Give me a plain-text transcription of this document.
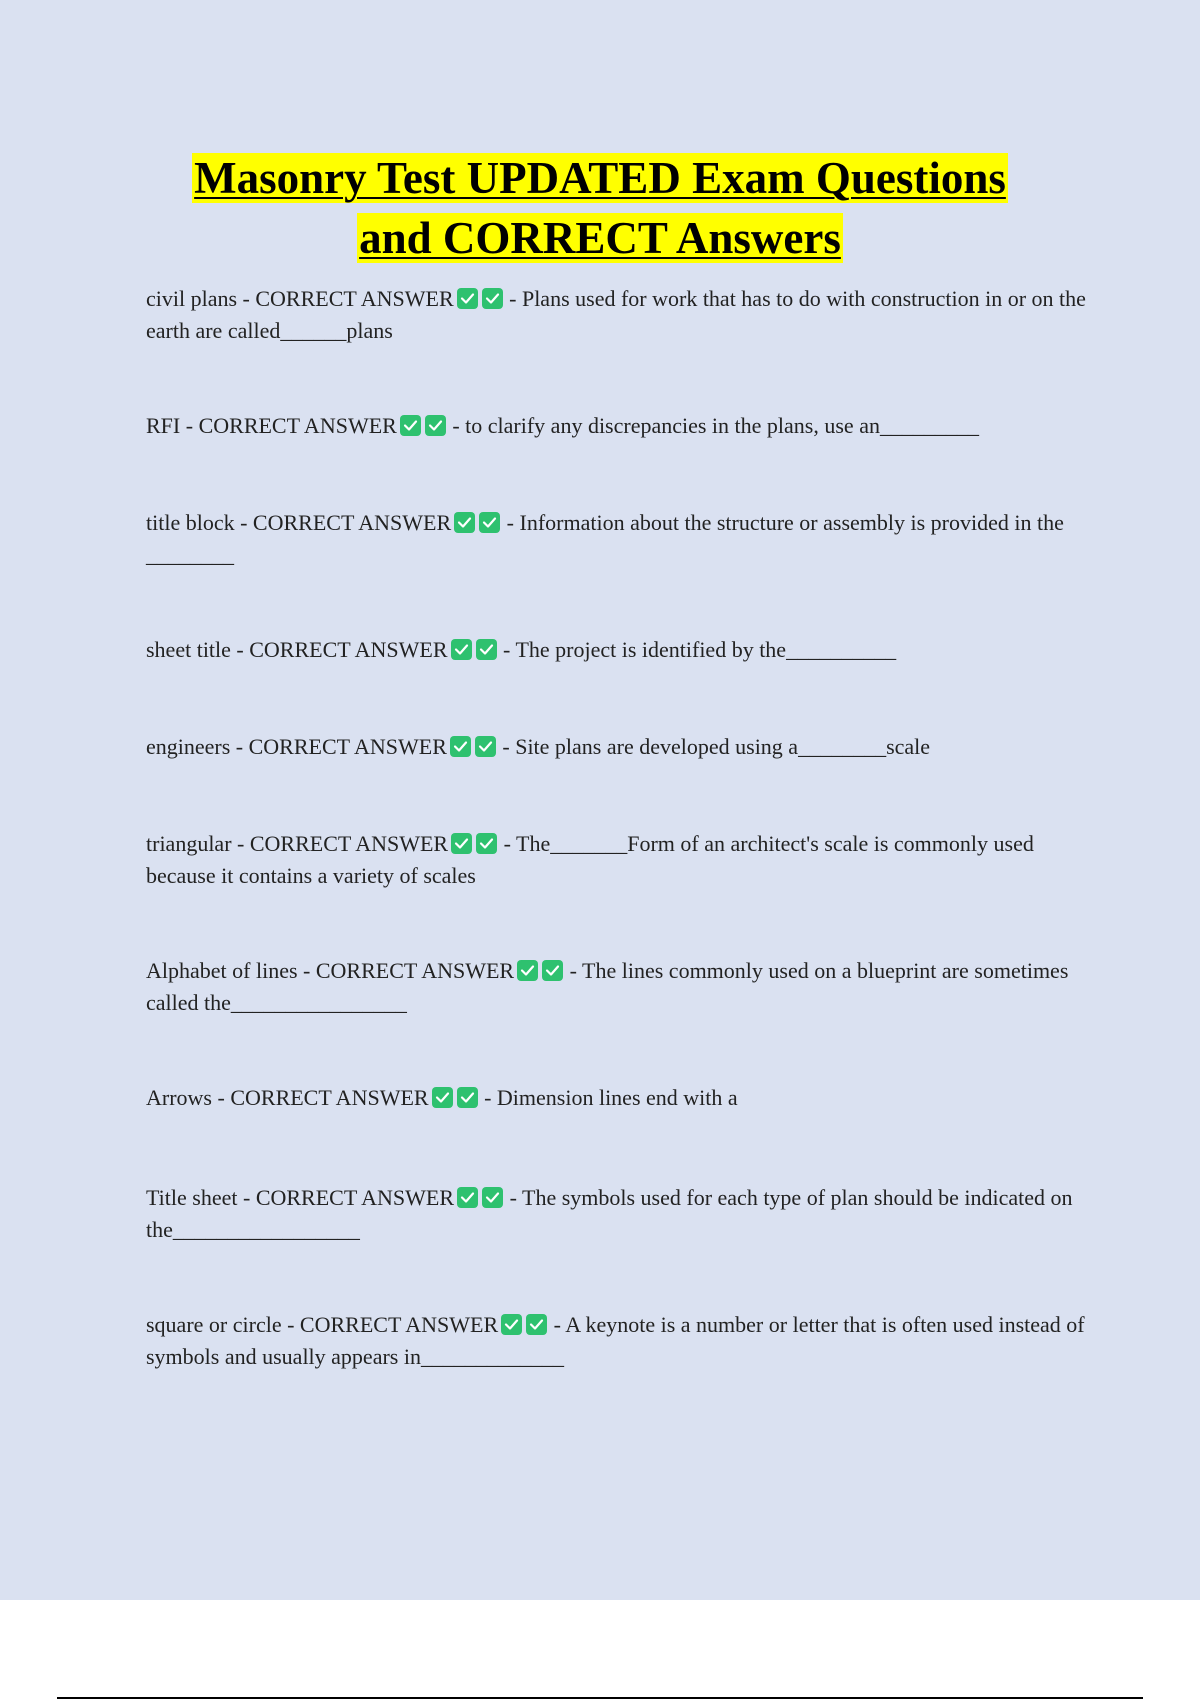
Masonry Test UPDATED Exam Questions
and CORRECT Answers
civil plans - CORRECT ANSWER
- Plans used for work that has to do with construction in or on the earth are called______plans
RFI - CORRECT ANSWER
- to clarify any discrepancies in the plans, use an_________
title block - CORRECT ANSWER
- Information about the structure or assembly is provided in the ________
sheet title - CORRECT ANSWER
- The project is identified by the__________
engineers - CORRECT ANSWER
- Site plans are developed using a________scale
triangular - CORRECT ANSWER
- The_______Form of an architect's scale is commonly used because it contains a variety of scales
Alphabet of lines - CORRECT ANSWER
- The lines commonly used on a blueprint are sometimes called the________________
Arrows - CORRECT ANSWER
- Dimension lines end with a
Title sheet - CORRECT ANSWER
- The symbols used for each type of plan should be indicated on the_________________
square or circle - CORRECT ANSWER
- A keynote is a number or letter that is often used instead of symbols and usually appears in_____________
